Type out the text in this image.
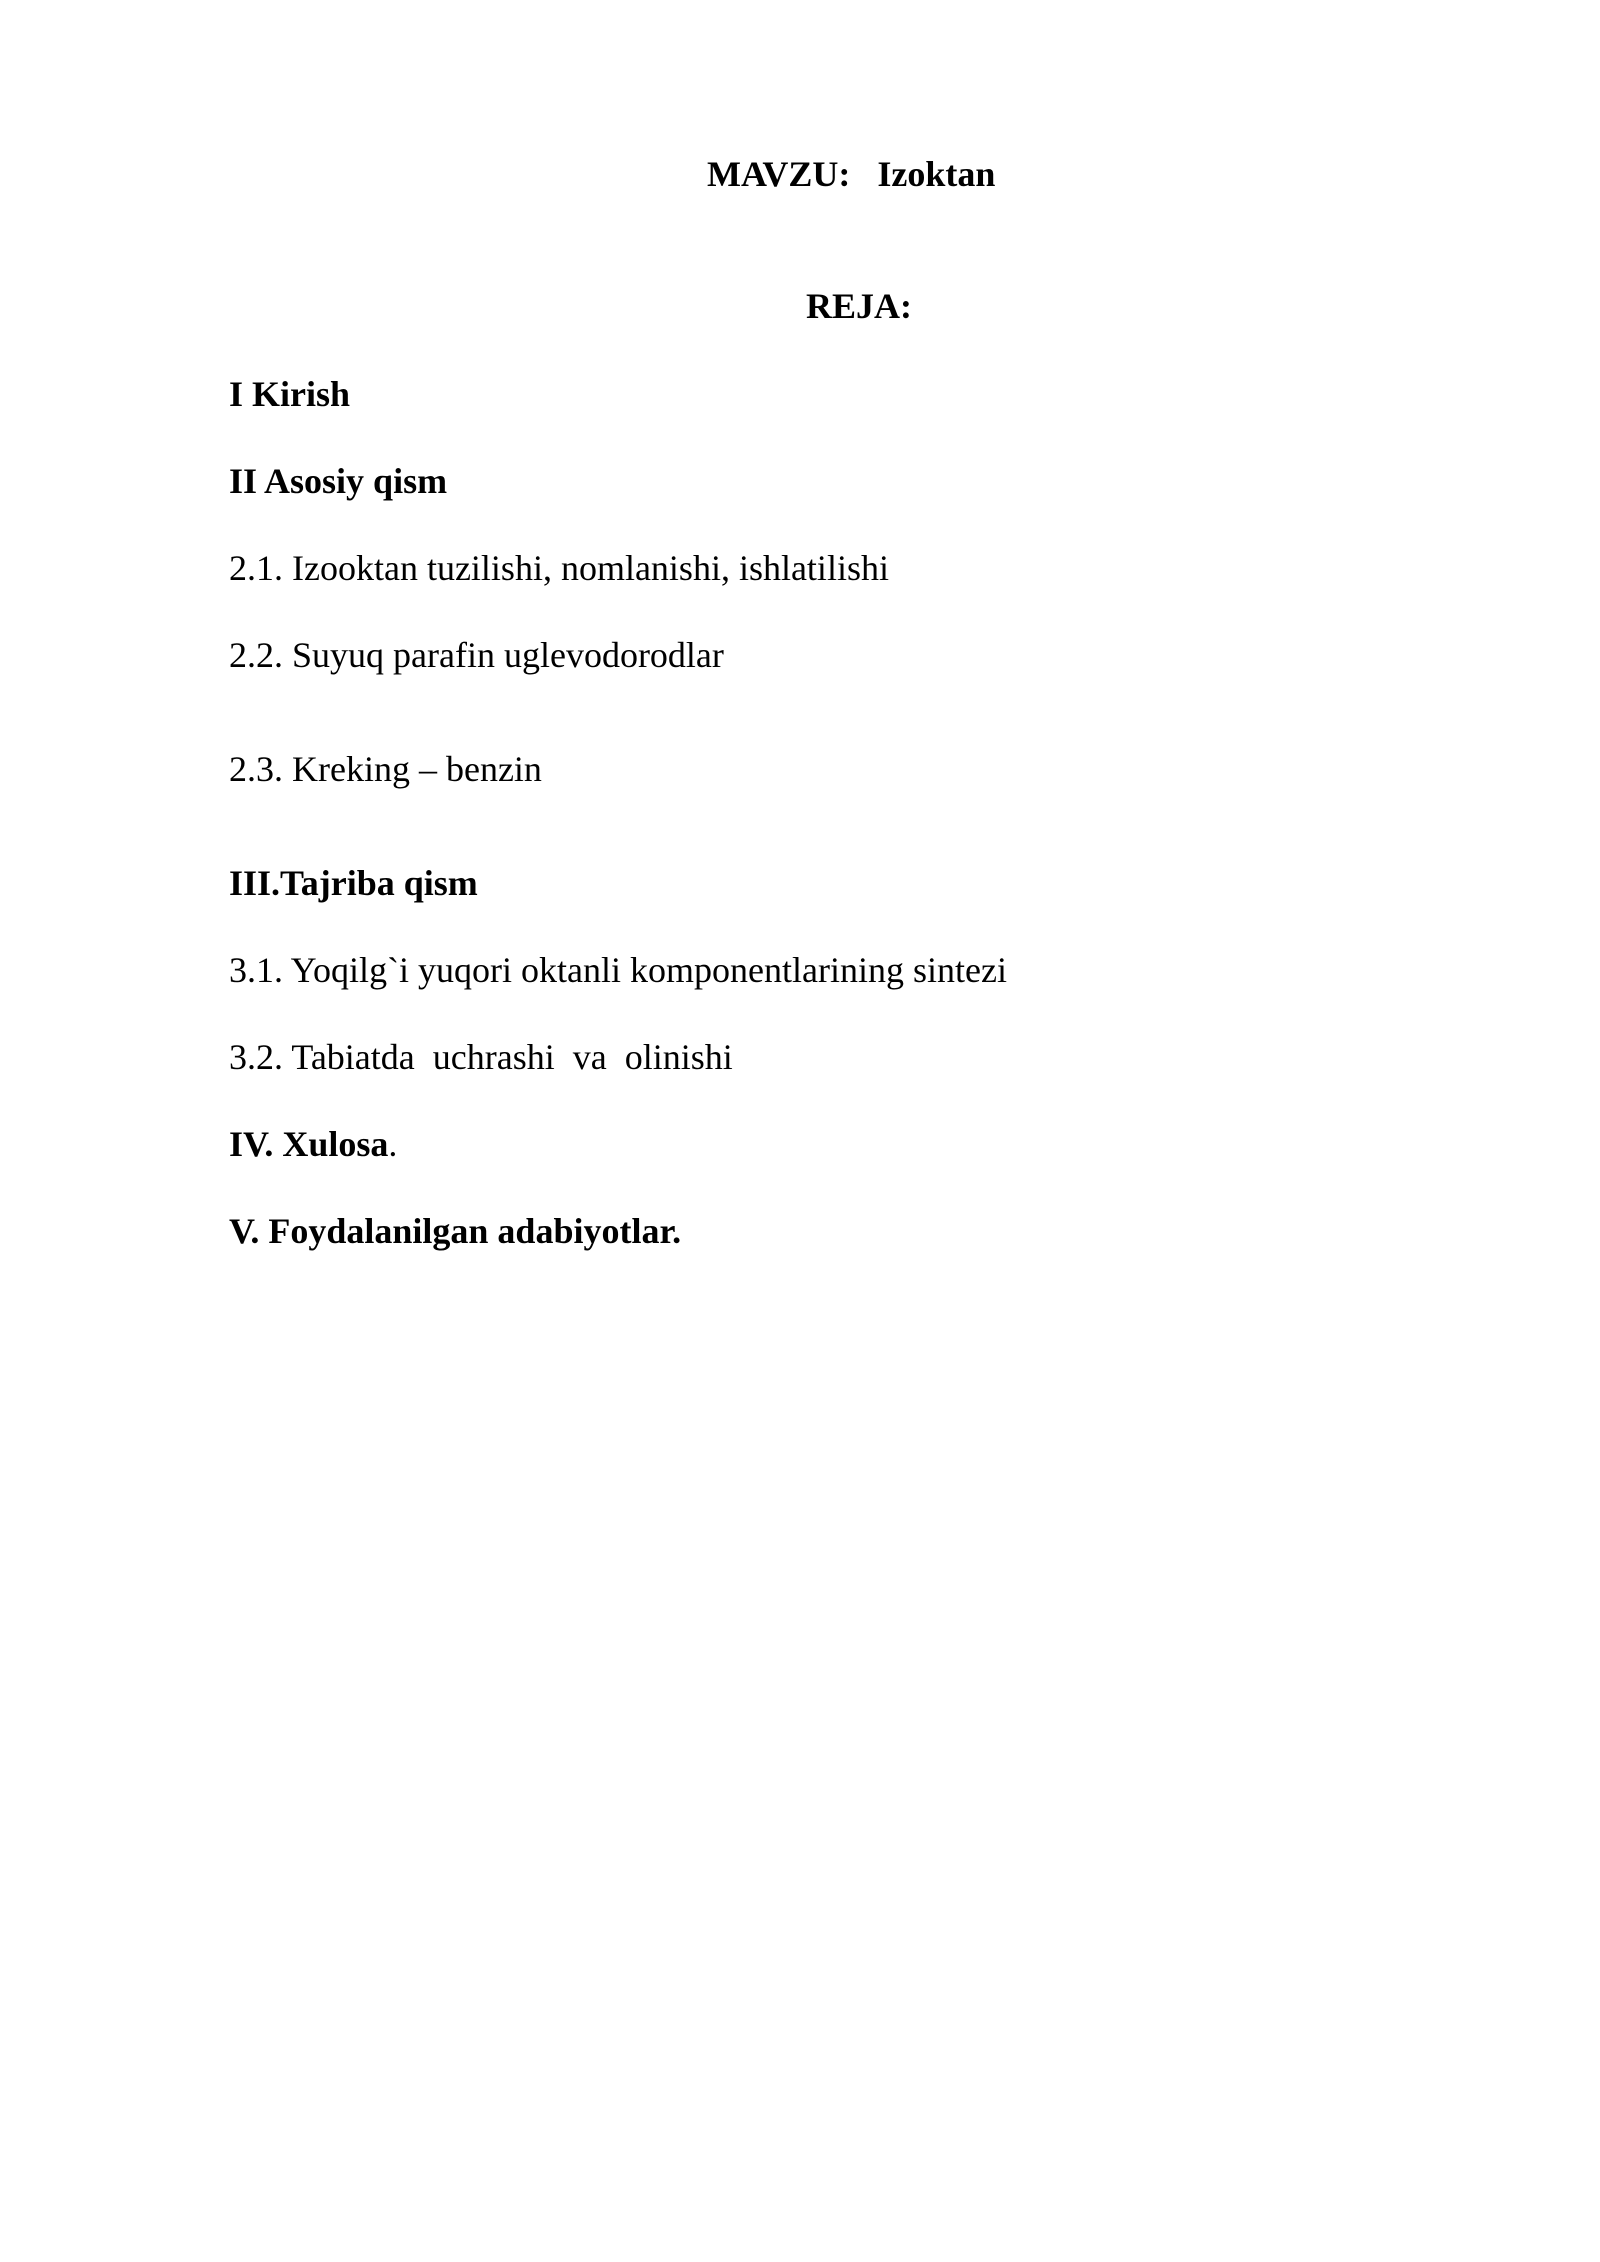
MAVZU: Izoktan
REJA:
I Kirish
II Asosiy qism
2.1. Izooktan tuzilishi, nomlanishi, ishlatilishi
2.2. Suyuq parafin uglevodorodlar
2.3. Kreking – benzin
III.Tajriba qism
3.1. Yoqilg`i yuqori oktanli komponentlarining sintezi
3.2. Tabiatda  uchrashi  va  olinishi
IV. Xulosa.
V. Foydalanilgan adabiyotlar.
